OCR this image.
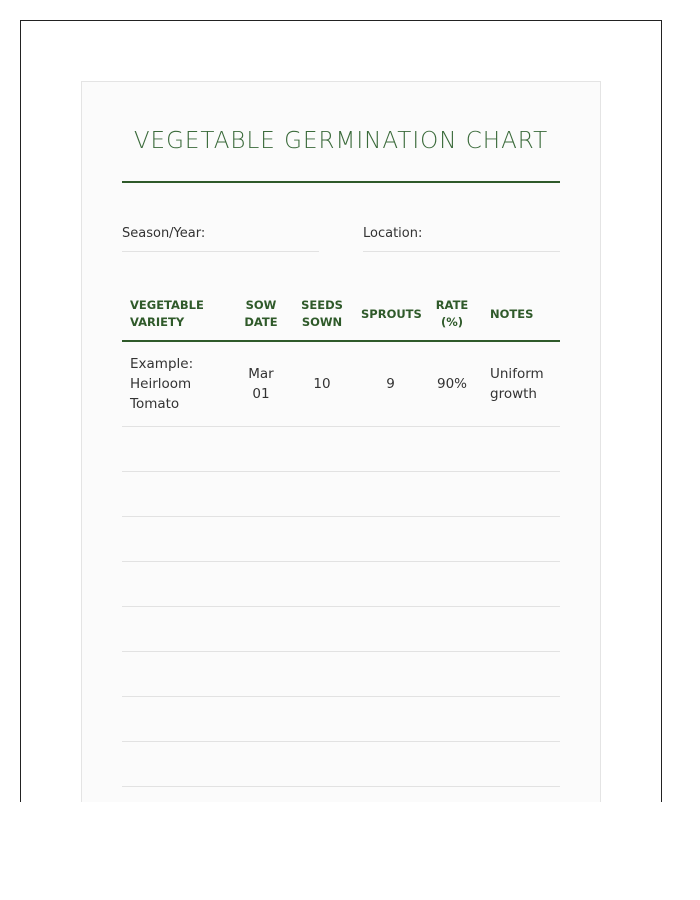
VEGETABLE GERMINATION CHART
Season/Year:	Location:
VEGETABLE VARIETY	SOW DATE	SEEDS SOWN	SPROUTS	RATE (%)	NOTES
Example: Heirloom Tomato	Mar 01	10	9	90%	Uniform growth
